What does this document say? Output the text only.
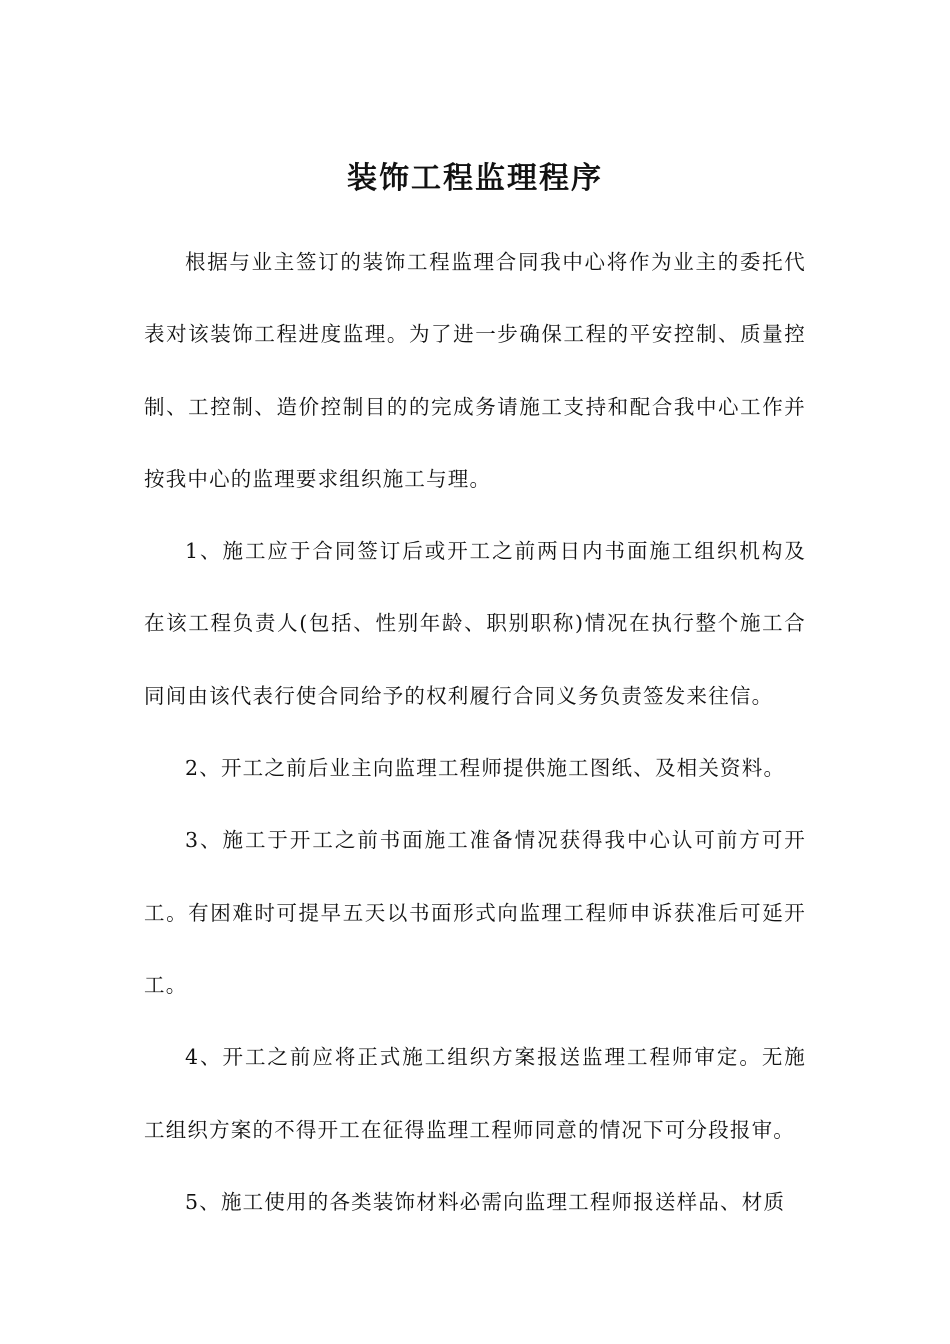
装饰工程监理程序

根据与业主签订的装饰工程监理合同我中心将作为业主的委托代表对该装饰工程进度监理。为了进一步确保工程的平安控制、质量控制、工控制、造价控制目的的完成务请施工支持和配合我中心工作并按我中心的监理要求组织施工与理。

1、施工应于合同签订后或开工之前两日内书面施工组织机构及在该工程负责人(包括、性别年龄、职别职称)情况在执行整个施工合同间由该代表行使合同给予的权利履行合同义务负责签发来往信。

2、开工之前后业主向监理工程师提供施工图纸、及相关资料。

3、施工于开工之前书面施工准备情况获得我中心认可前方可开工。有困难时可提早五天以书面形式向监理工程师申诉获准后可延开工。

4、开工之前应将正式施工组织方案报送监理工程师审定。无施工组织方案的不得开工在征得监理工程师同意的情况下可分段报审。

5、施工使用的各类装饰材料必需向监理工程师报送样品、材质
